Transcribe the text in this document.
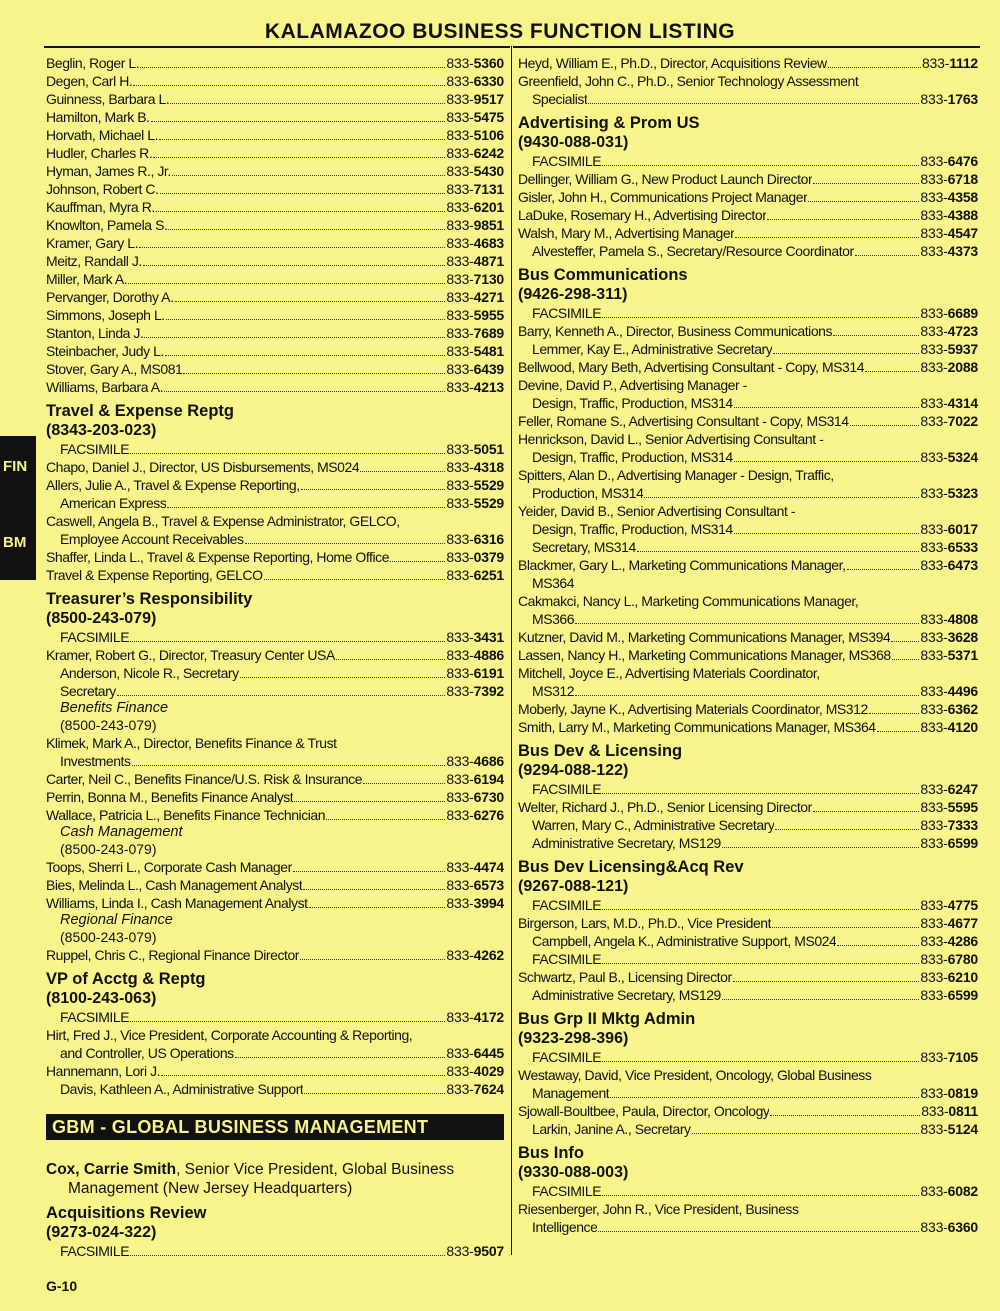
KALAMAZOO BUSINESS FUNCTION LISTING
FIN
BM
Beglin, Roger L.	833-5360
Degen, Carl H.	833-6330
Guinness, Barbara L.	833-9517
Hamilton, Mark B.	833-5475
Horvath, Michael L.	833-5106
Hudler, Charles R.	833-6242
Hyman, James R., Jr.	833-5430
Johnson, Robert C.	833-7131
Kauffman, Myra R.	833-6201
Knowlton, Pamela S.	833-9851
Kramer, Gary L.	833-4683
Meitz, Randall J.	833-4871
Miller, Mark A.	833-7130
Pervanger, Dorothy A.	833-4271
Simmons, Joseph L.	833-5955
Stanton, Linda J.	833-7689
Steinbacher, Judy L.	833-5481
Stover, Gary A., MS081	833-6439
Williams, Barbara A.	833-4213
Travel & Expense Reptg
(8343-203-023)
FACSIMILE	833-5051
Chapo, Daniel J., Director, US Disbursements, MS024	833-4318
Allers, Julie A., Travel & Expense Reporting,	833-5529
American Express	833-5529
Caswell, Angela B., Travel & Expense Administrator, GELCO,
Employee Account Receivables	833-6316
Shaffer, Linda L., Travel & Expense Reporting, Home Office	833-0379
Travel & Expense Reporting, GELCO	833-6251
Treasurer’s Responsibility
(8500-243-079)
FACSIMILE	833-3431
Kramer, Robert G., Director, Treasury Center USA	833-4886
Anderson, Nicole R., Secretary	833-6191
Secretary	833-7392
Benefits Finance
(8500-243-079)
Klimek, Mark A., Director, Benefits Finance & Trust
Investments	833-4686
Carter, Neil C., Benefits Finance/U.S. Risk & Insurance	833-6194
Perrin, Bonna M., Benefits Finance Analyst	833-6730
Wallace, Patricia L., Benefits Finance Technician	833-6276
Cash Management
(8500-243-079)
Toops, Sherri L., Corporate Cash Manager	833-4474
Bies, Melinda L., Cash Management Analyst	833-6573
Williams, Linda I., Cash Management Analyst	833-3994
Regional Finance
(8500-243-079)
Ruppel, Chris C., Regional Finance Director	833-4262
VP of Acctg & Reptg
(8100-243-063)
FACSIMILE	833-4172
Hirt, Fred J., Vice President, Corporate Accounting & Reporting,
and Controller, US Operations	833-6445
Hannemann, Lori J.	833-4029
Davis, Kathleen A., Administrative Support	833-7624
GBM - GLOBAL BUSINESS MANAGEMENT
Cox, Carrie Smith, Senior Vice President, Global Business
Management (New Jersey Headquarters)
Acquisitions Review
(9273-024-322)
FACSIMILE	833-9507
Heyd, William E., Ph.D., Director, Acquisitions Review	833-1112
Greenfield, John C., Ph.D., Senior Technology Assessment
Specialist	833-1763
Advertising & Prom US
(9430-088-031)
FACSIMILE	833-6476
Dellinger, William G., New Product Launch Director	833-6718
Gisler, John H., Communications Project Manager	833-4358
LaDuke, Rosemary H., Advertising Director	833-4388
Walsh, Mary M., Advertising Manager	833-4547
Alvesteffer, Pamela S., Secretary/Resource Coordinator	833-4373
Bus Communications
(9426-298-311)
FACSIMILE	833-6689
Barry, Kenneth A., Director, Business Communications	833-4723
Lemmer, Kay E., Administrative Secretary	833-5937
Bellwood, Mary Beth, Advertising Consultant - Copy, MS314	833-2088
Devine, David P., Advertising Manager -
Design, Traffic, Production, MS314	833-4314
Feller, Romane S., Advertising Consultant - Copy, MS314	833-7022
Henrickson, David L., Senior Advertising Consultant -
Design, Traffic, Production, MS314	833-5324
Spitters, Alan D., Advertising Manager - Design, Traffic,
Production, MS314	833-5323
Yeider, David B., Senior Advertising Consultant -
Design, Traffic, Production, MS314	833-6017
Secretary, MS314	833-6533
Blackmer, Gary L., Marketing Communications Manager,	833-6473
MS364
Cakmakci, Nancy L., Marketing Communications Manager,
MS366	833-4808
Kutzner, David M., Marketing Communications Manager, MS394 833-3628
Lassen, Nancy H., Marketing Communications Manager, MS368 833-5371
Mitchell, Joyce E., Advertising Materials Coordinator,
MS312	833-4496
Moberly, Jayne K., Advertising Materials Coordinator, MS312	833-6362
Smith, Larry M., Marketing Communications Manager, MS364	833-4120
Bus Dev & Licensing
(9294-088-122)
FACSIMILE	833-6247
Welter, Richard J., Ph.D., Senior Licensing Director	833-5595
Warren, Mary C., Administrative Secretary	833-7333
Administrative Secretary, MS129	833-6599
Bus Dev Licensing&Acq Rev
(9267-088-121)
FACSIMILE	833-4775
Birgerson, Lars, M.D., Ph.D., Vice President	833-4677
Campbell, Angela K., Administrative Support, MS024	833-4286
FACSIMILE	833-6780
Schwartz, Paul B., Licensing Director	833-6210
Administrative Secretary, MS129	833-6599
Bus Grp II Mktg Admin
(9323-298-396)
FACSIMILE	833-7105
Westaway, David, Vice President, Oncology, Global Business
Management	833-0819
Sjowall-Boultbee, Paula, Director, Oncology	833-0811
Larkin, Janine A., Secretary	833-5124
Bus Info
(9330-088-003)
FACSIMILE	833-6082
Riesenberger, John R., Vice President, Business
Intelligence	833-6360
G-10
